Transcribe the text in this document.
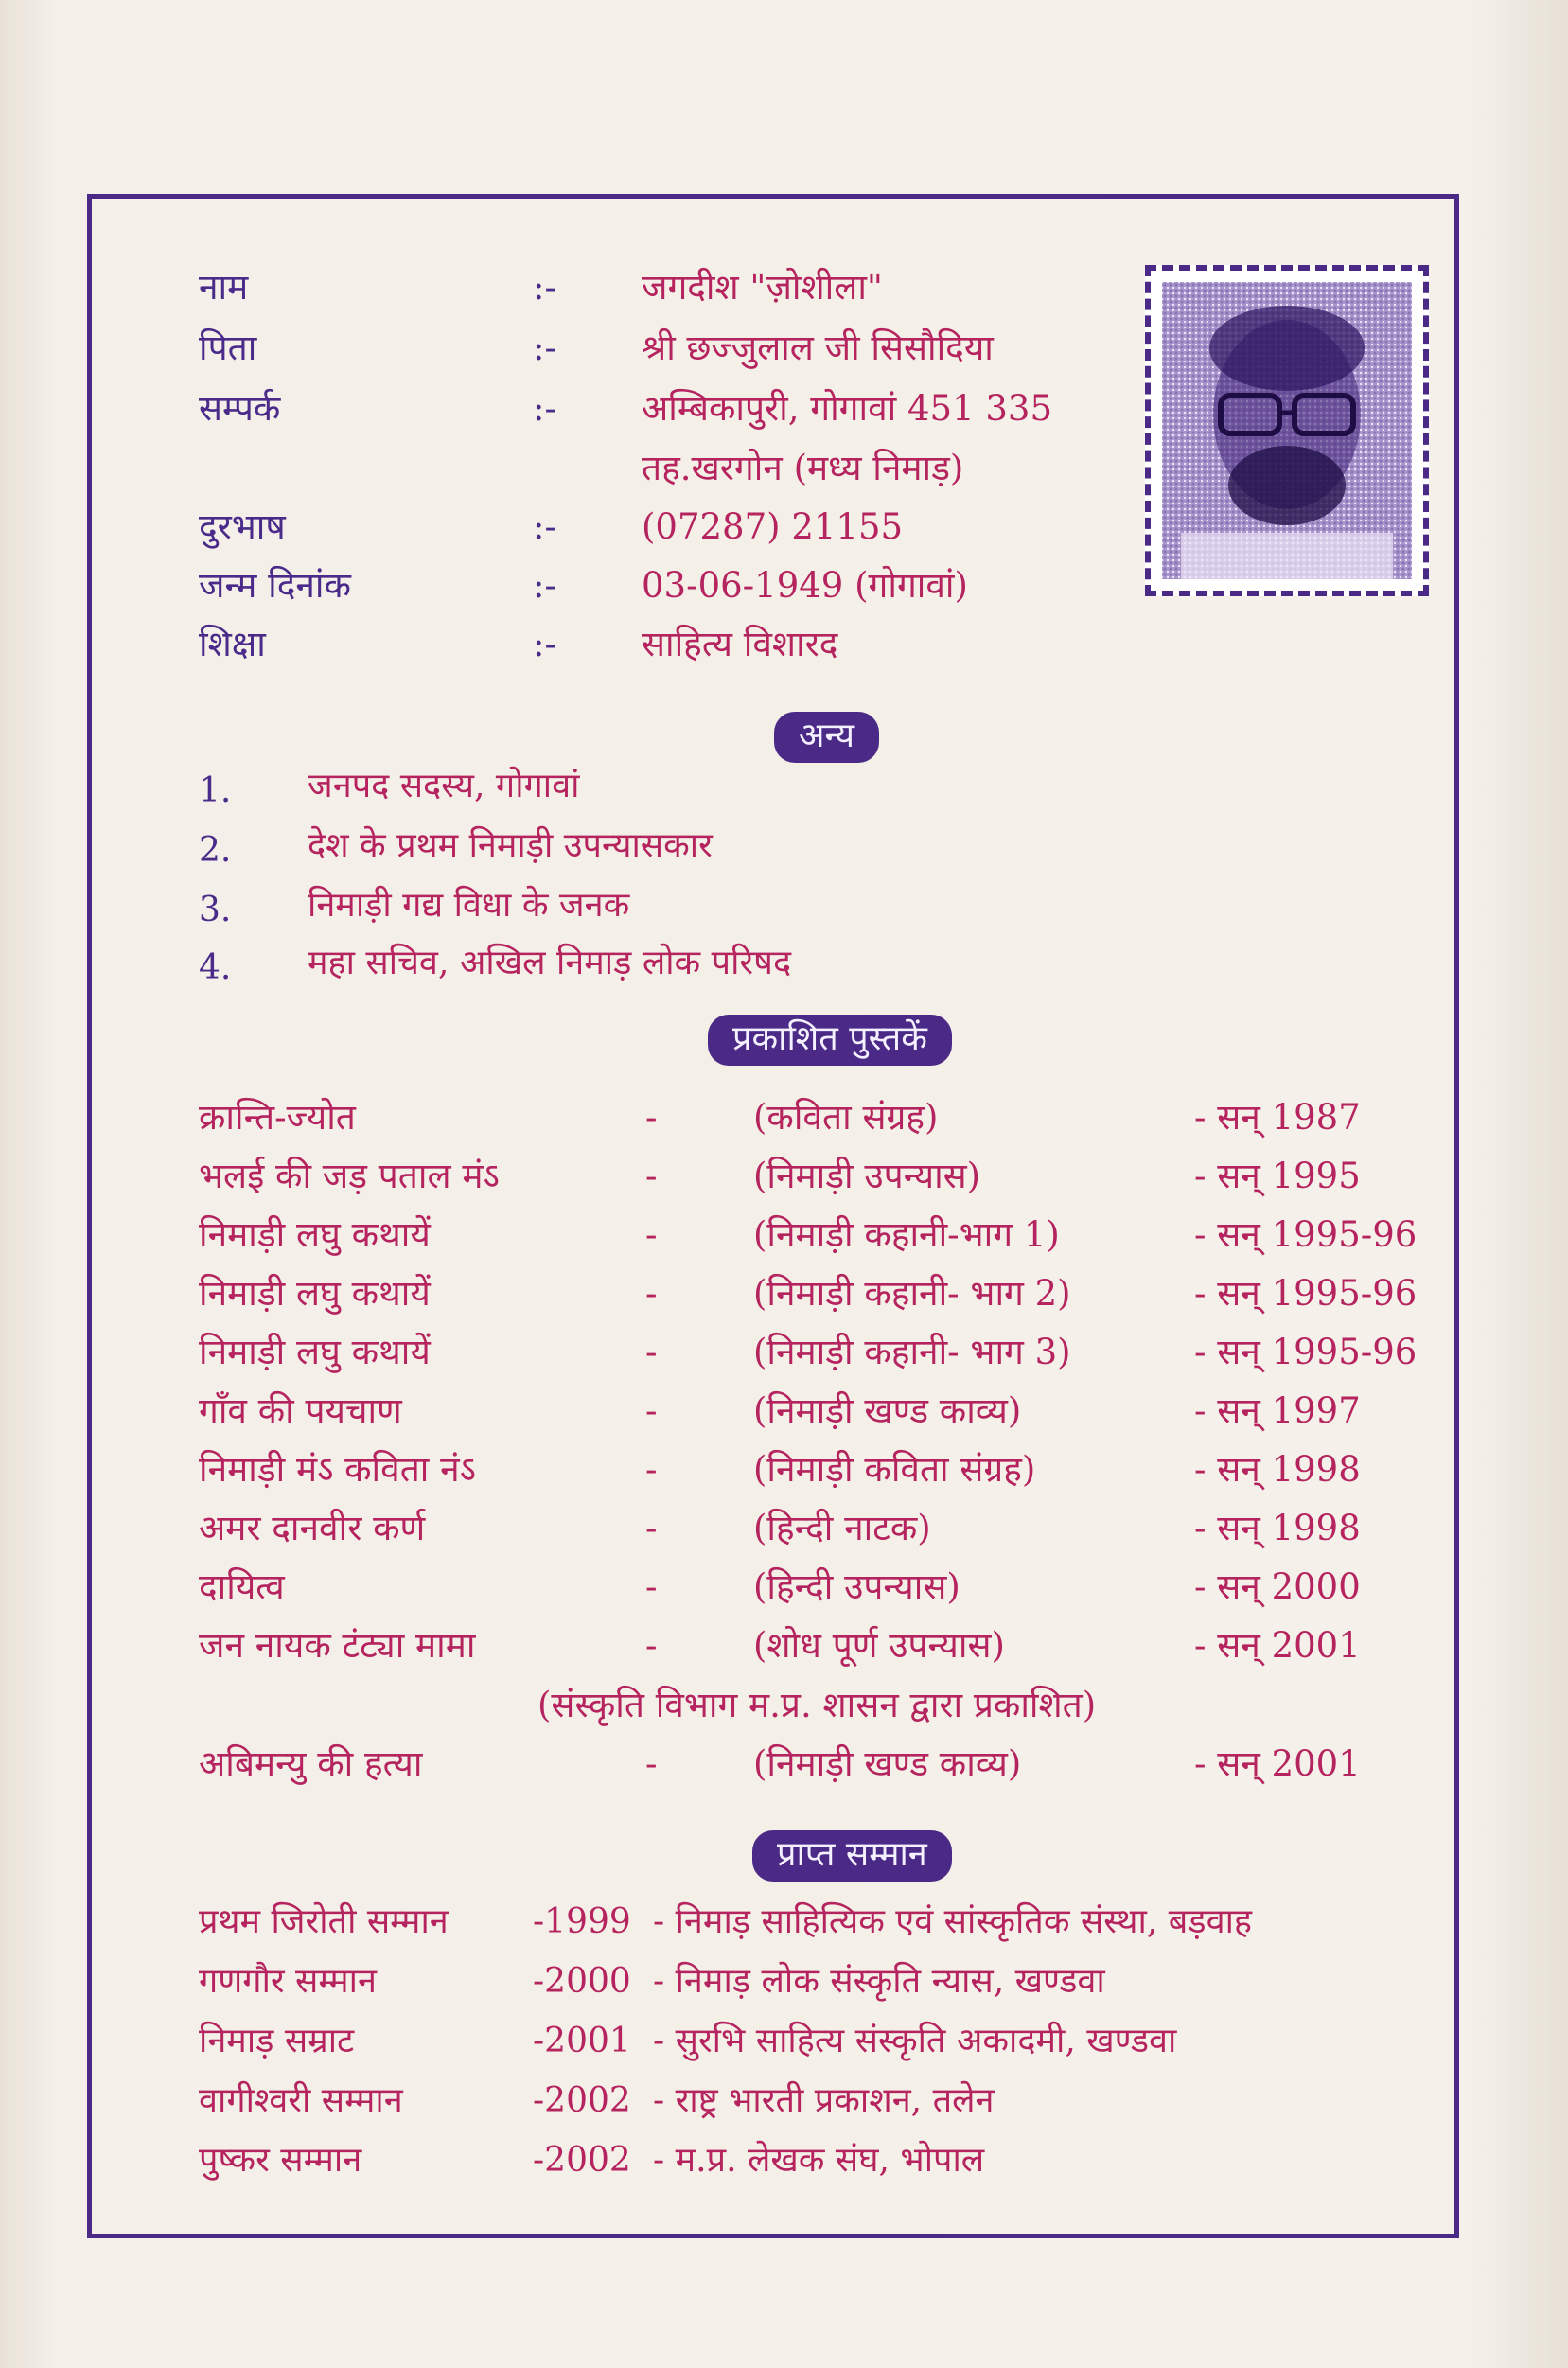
नाम	:- जगदीश "ज़ोशीला"
पिता	:- श्री छज्जुलाल जी सिसौदिया
सम्पर्क	:- अम्बिकापुरी, गोगावां 451 335
तह.खरगोन (मध्य निमाड़)
दुरभाष	:- (07287) 21155
जन्म दिनांक	:- 03-06-1949 (गोगावां)
शिक्षा	:- साहित्य विशारद
अन्य
1. जनपद सदस्य, गोगावां
2. देश के प्रथम निमाड़ी उपन्यासकार
3. निमाड़ी गद्य विधा के जनक
4. महा सचिव, अखिल निमाड़ लोक परिषद
प्रकाशित पुस्तकें
क्रान्ति-ज्योत	-	(कविता संग्रह)	- सन् 1987
भलई की जड़ पताल मंऽ	-	(निमाड़ी उपन्यास)	- सन् 1995
निमाड़ी लघु कथायें	-	(निमाड़ी कहानी-भाग 1)	- सन् 1995-96
निमाड़ी लघु कथायें	-	(निमाड़ी कहानी- भाग 2)	- सन् 1995-96
निमाड़ी लघु कथायें	-	(निमाड़ी कहानी- भाग 3)	- सन् 1995-96
गाँव की पयचाण	-	(निमाड़ी खण्ड काव्य)	- सन् 1997
निमाड़ी मंऽ कविता नंऽ	-	(निमाड़ी कविता संग्रह)	- सन् 1998
अमर दानवीर कर्ण	-	(हिन्दी नाटक)	- सन् 1998
दायित्व	-	(हिन्दी उपन्यास)	- सन् 2000
जन नायक टंट्या मामा	-	(शोध पूर्ण उपन्यास)	- सन् 2001
(संस्कृति विभाग म.प्र. शासन द्वारा प्रकाशित)
अबिमन्यु की हत्या	-	(निमाड़ी खण्ड काव्य)	- सन् 2001
प्राप्त सम्मान
प्रथम जिरोती सम्मान -1999 - निमाड़ साहित्यिक एवं सांस्कृतिक संस्था, बड़वाह
गणगौर सम्मान	-2000 - निमाड़ लोक संस्कृति न्यास, खण्डवा
निमाड़ सम्राट	-2001 - सुरभि साहित्य संस्कृति अकादमी, खण्डवा
वागीश्वरी सम्मान	-2002 - राष्ट्र भारती प्रकाशन, तलेन
पुष्कर सम्मान	-2002 - म.प्र. लेखक संघ, भोपाल
